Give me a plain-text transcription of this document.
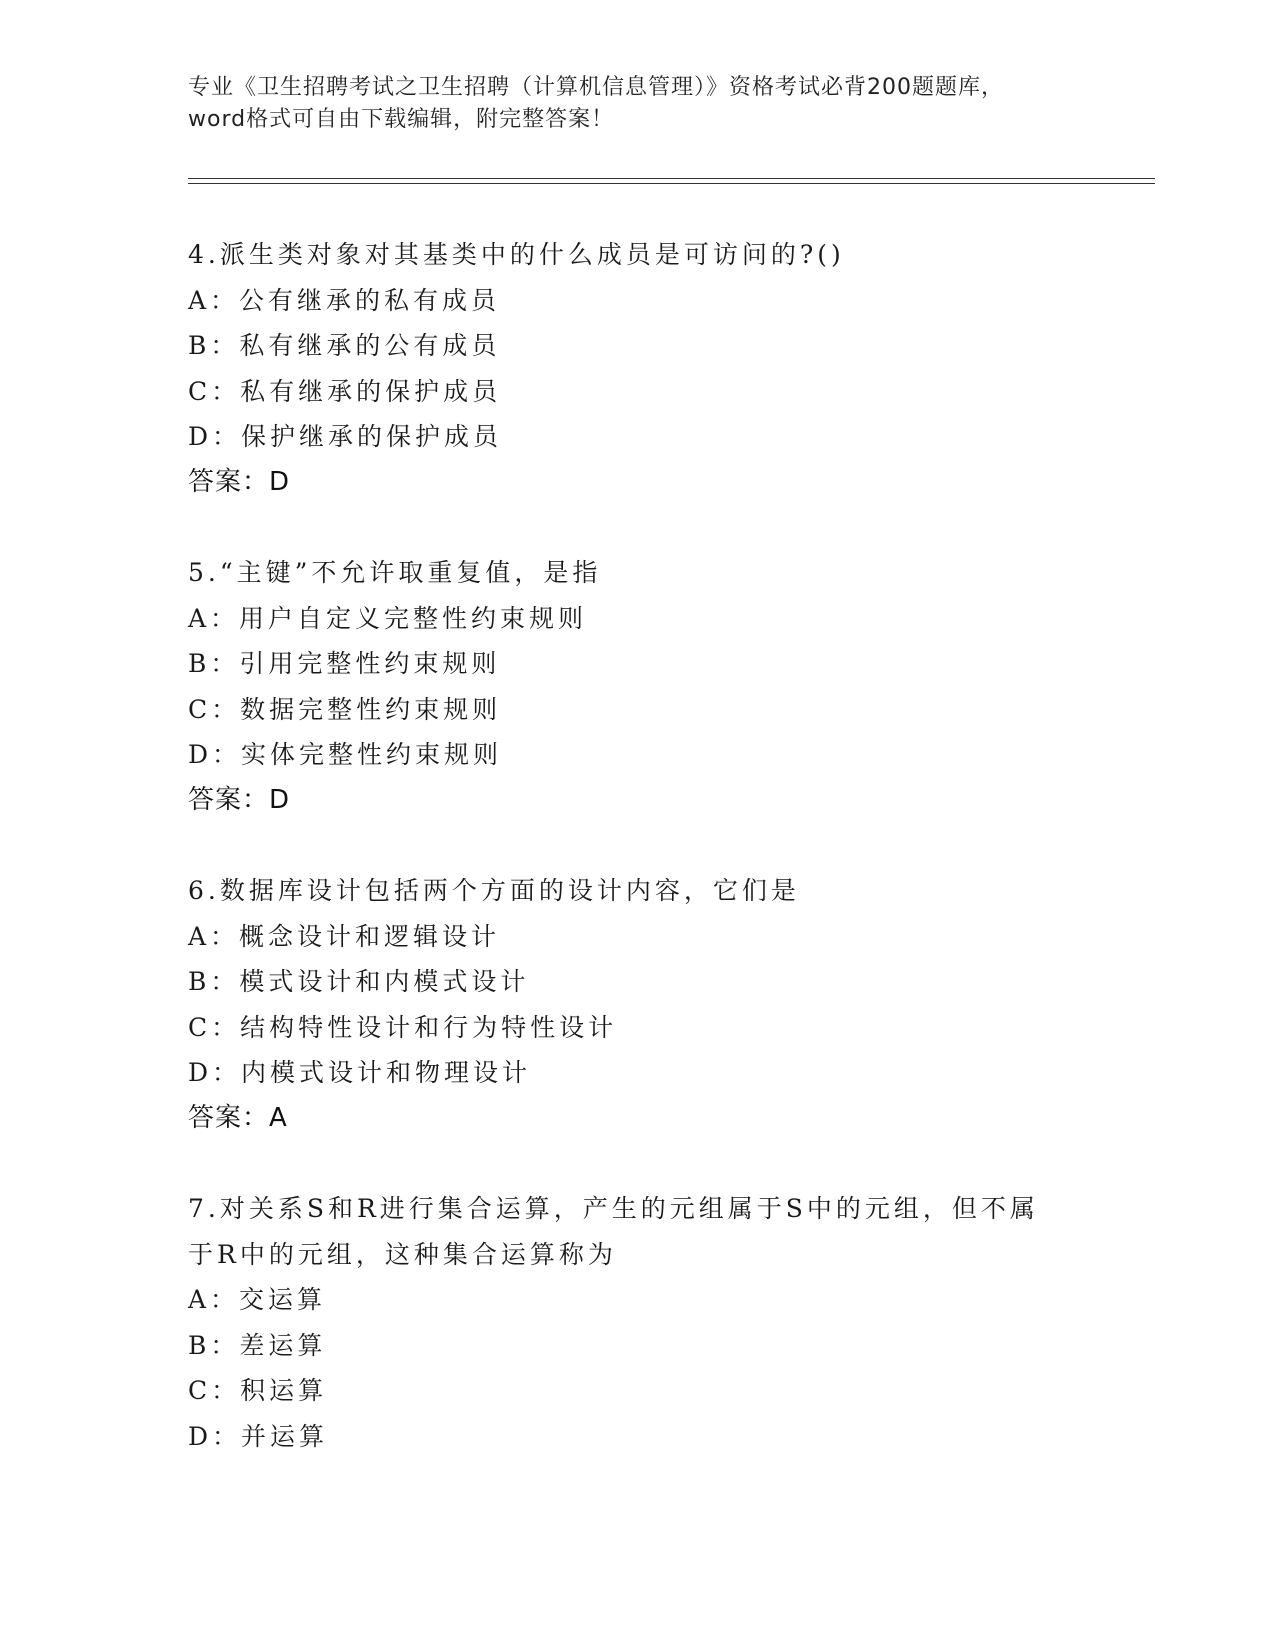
专业《卫生招聘考试之卫生招聘（计算机信息管理）》资格考试必背200题题库，
word格式可自由下载编辑，附完整答案！
4.派生类对象对其基类中的什么成员是可访问的?()
A：公有继承的私有成员
B：私有继承的公有成员
C：私有继承的保护成员
D：保护继承的保护成员
答案：D
5.“主键”不允许取重复值，是指
A：用户自定义完整性约束规则
B：引用完整性约束规则
C：数据完整性约束规则
D：实体完整性约束规则
答案：D
6.数据库设计包括两个方面的设计内容，它们是
A：概念设计和逻辑设计
B：模式设计和内模式设计
C：结构特性设计和行为特性设计
D：内模式设计和物理设计
答案：A
7.对关系S和R进行集合运算，产生的元组属于S中的元组，但不属
于R中的元组，这种集合运算称为
A：交运算
B：差运算
C：积运算
D：并运算
